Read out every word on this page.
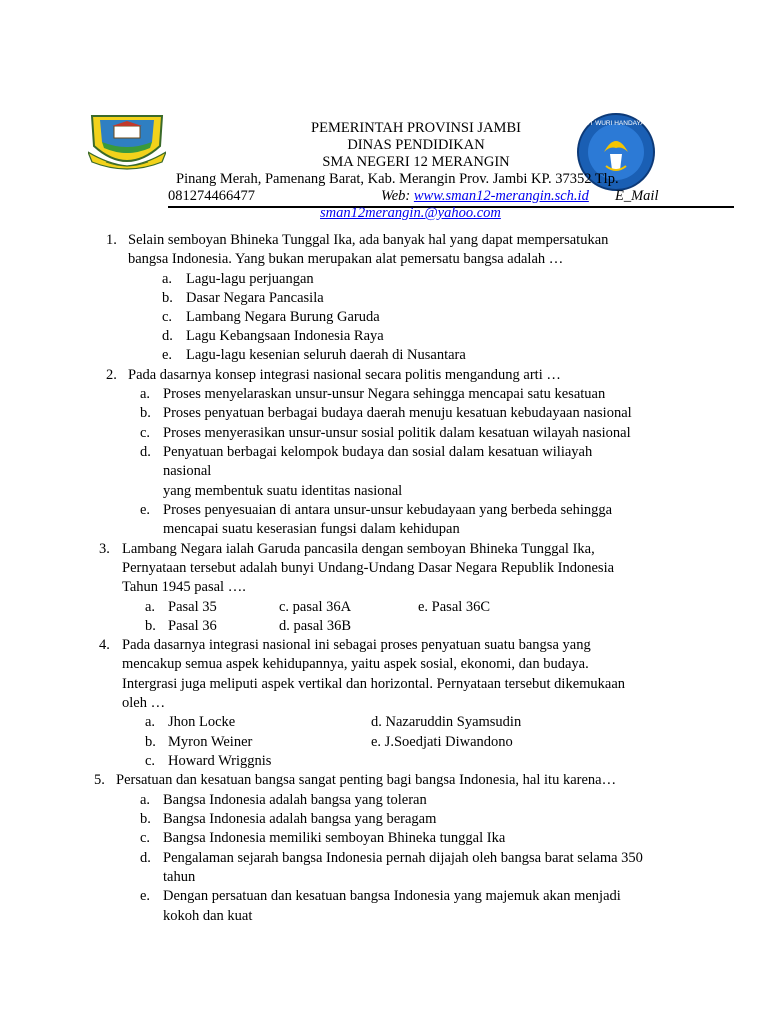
TUT WURI HANDAYANI
PEMERINTAH PROVINSI JAMBI
DINAS PENDIDIKAN
SMA NEGERI 12 MERANGIN
Pinang Merah, Pamenang Barat, Kab. Merangin Prov. Jambi KP. 37352 Tlp.
081274466477	Web: www.sman12-merangin.sch.id E_Mail
sman12merangin.@yahoo.com
1. Selain semboyan Bhineka Tunggal Ika, ada banyak hal yang dapat mempersatukan
bangsa Indonesia. Yang bukan merupakan alat pemersatu bangsa adalah …
a. Lagu-lagu perjuangan
b. Dasar Negara Pancasila
c. Lambang Negara Burung Garuda
d. Lagu Kebangsaan Indonesia Raya
e. Lagu-lagu kesenian seluruh daerah di Nusantara
2. Pada dasarnya konsep integrasi nasional secara politis mengandung arti …
a. Proses menyelaraskan unsur-unsur Negara sehingga mencapai satu kesatuan
b. Proses penyatuan berbagai budaya daerah menuju kesatuan kebudayaan nasional
c. Proses menyerasikan unsur-unsur sosial politik dalam kesatuan wilayah nasional
d. Penyatuan berbagai kelompok budaya dan sosial dalam kesatuan wiliayah
nasional
yang membentuk suatu identitas nasional
e. Proses penyesuaian di antara unsur-unsur kebudayaan yang berbeda sehingga
mencapai suatu keserasian fungsi dalam kehidupan
3. Lambang Negara ialah Garuda pancasila dengan semboyan Bhineka Tunggal Ika,
Pernyataan tersebut adalah bunyi Undang-Undang Dasar Negara Republik Indonesia
Tahun 1945 pasal ….
a. Pasal 35	c. pasal 36A	e. Pasal 36C
b. Pasal 36	d. pasal 36B
4. Pada dasarnya integrasi nasional ini sebagai proses penyatuan suatu bangsa yang
mencakup semua aspek kehidupannya, yaitu aspek sosial, ekonomi, dan budaya.
Intergrasi juga meliputi aspek vertikal dan horizontal. Pernyataan tersebut dikemukaan
oleh …
a. Jhon Locke	d. Nazaruddin Syamsudin
b. Myron Weiner	e. J.Soedjati Diwandono
c. Howard Wriggnis
5. Persatuan dan kesatuan bangsa sangat penting bagi bangsa Indonesia, hal itu karena…
a. Bangsa Indonesia adalah bangsa yang toleran
b. Bangsa Indonesia adalah bangsa yang beragam
c. Bangsa Indonesia memiliki semboyan Bhineka tunggal Ika
d. Pengalaman sejarah bangsa Indonesia pernah dijajah oleh bangsa barat selama 350
tahun
e. Dengan persatuan dan kesatuan bangsa Indonesia yang majemuk akan menjadi
kokoh dan kuat
